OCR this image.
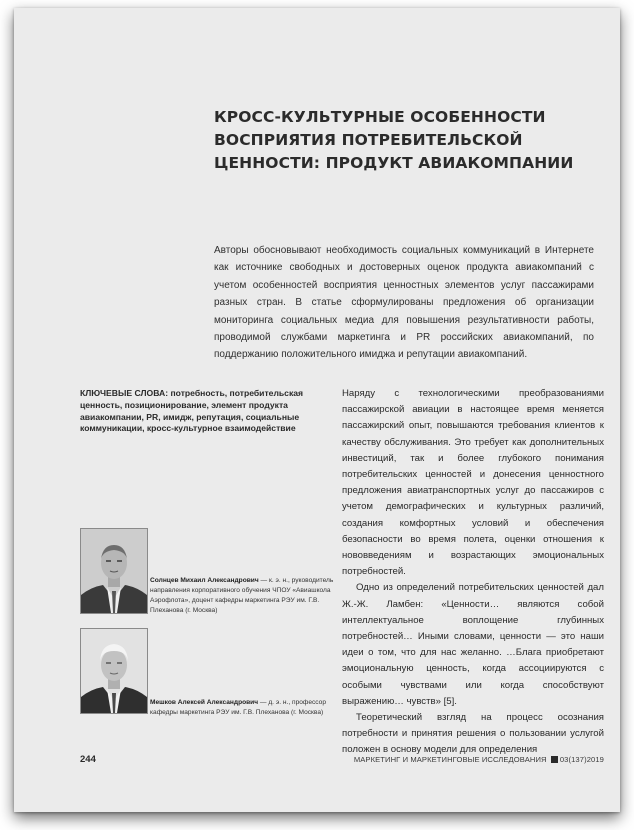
КРОСС-КУЛЬТУРНЫЕ ОСОБЕННОСТИ ВОСПРИЯТИЯ ПОТРЕБИТЕЛЬСКОЙ ЦЕННОСТИ: ПРОДУКТ АВИАКОМПАНИИ

Авторы обосновывают необходимость социальных коммуникаций в Интернете как источнике свободных и достоверных оценок продукта авиакомпаний с учетом особенностей восприятия ценностных элементов услуг пассажирами разных стран. В статье сформулированы предложения об организации мониторинга социальных медиа для повышения результативности работы, проводимой службами маркетинга и PR российских авиакомпаний, по поддержанию положительного имиджа и репутации авиакомпаний.

КЛЮЧЕВЫЕ СЛОВА: потребность, потребительская ценность, позиционирование, элемент продукта авиакомпании, PR, имидж, репутация, социальные коммуникации, кросс-культурное взаимодействие

Наряду с технологическими преобразованиями пассажирской авиации в настоящее время меняется пассажирский опыт, повышаются требования клиентов к качеству обслуживания. Это требует как дополнительных инвестиций, так и более глубокого понимания потребительских ценностей и донесения ценностного предложения авиатранспортных услуг до пассажиров с учетом демографических и культурных различий, создания комфортных условий и обеспечения безопасности во время полета, оценки отношения к нововведениям и возрастающих эмоциональных потребностей.

Одно из определений потребительских ценностей дал Ж.-Ж. Ламбен: «Ценности… являются собой интеллектуальное воплощение глубинных потребностей… Иными словами, ценности — это наши идеи о том, что для нас желанно. …Блага приобретают эмоциональную ценность, когда ассоциируются с особыми чувствами или когда способствуют выражению… чувств» [5].

Теоретический взгляд на процесс осознания потребности и принятия решения о пользовании услугой положен в основу модели для определения

Солнцев Михаил Александрович — к. э. н., руководитель направления корпоративного обучения ЧПОУ «Авиашкола Аэрофлота», доцент кафедры маркетинга РЭУ им. Г.В. Плеханова (г. Москва)

Мешков Алексей Александрович — д. э. н., профессор кафедры маркетинга РЭУ им. Г.В. Плеханова (г. Москва)

244	МАРКЕТИНГ И МАРКЕТИНГОВЫЕ ИССЛЕДОВАНИЯ 03(137)2019
